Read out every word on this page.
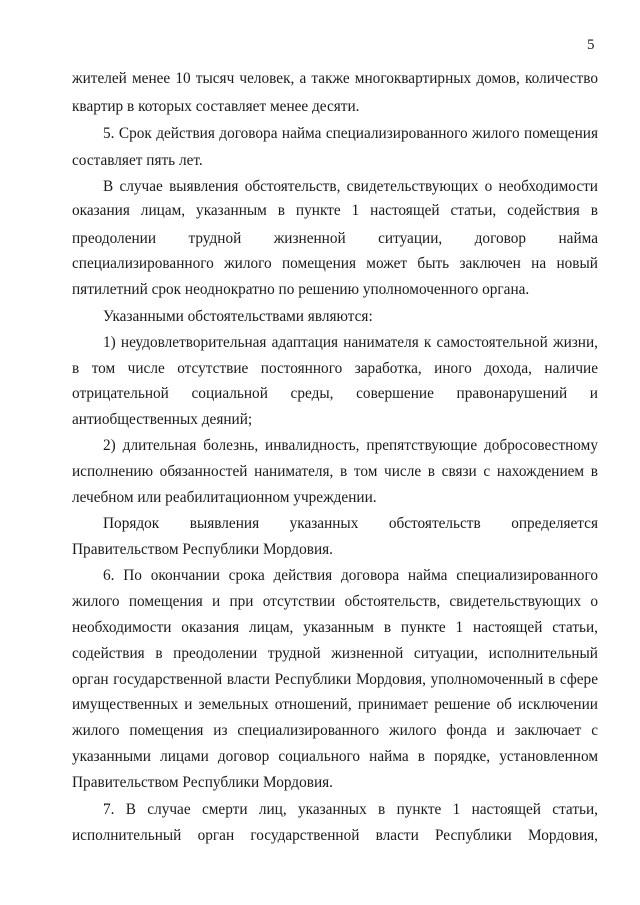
5
жителей менее 10 тысяч человек, а также многоквартирных домов, количество
квартир в которых составляет менее десяти.
5. Срок действия договора найма специализированного жилого помещения
составляет пять лет.
В случае выявления обстоятельств, свидетельствующих о необходимости
оказания лицам, указанным в пункте 1 настоящей статьи, содействия в
преодолении трудной жизненной ситуации, договор найма
специализированного жилого помещения может быть заключен на новый
пятилетний срок неоднократно по решению уполномоченного органа.
Указанными обстоятельствами являются:
1) неудовлетворительная адаптация нанимателя к самостоятельной жизни,
в том числе отсутствие постоянного заработка, иного дохода, наличие
отрицательной социальной среды, совершение правонарушений и
антиобщественных деяний;
2) длительная болезнь, инвалидность, препятствующие добросовестному
исполнению обязанностей нанимателя, в том числе в связи с нахождением в
лечебном или реабилитационном учреждении.
Порядок выявления указанных обстоятельств определяется
Правительством Республики Мордовия.
6. По окончании срока действия договора найма специализированного
жилого помещения и при отсутствии обстоятельств, свидетельствующих о
необходимости оказания лицам, указанным в пункте 1 настоящей статьи,
содействия в преодолении трудной жизненной ситуации, исполнительный
орган государственной власти Республики Мордовия, уполномоченный в сфере
имущественных и земельных отношений, принимает решение об исключении
жилого помещения из специализированного жилого фонда и заключает с
указанными лицами договор социального найма в порядке, установленном
Правительством Республики Мордовия.
7. В случае смерти лиц, указанных в пункте 1 настоящей статьи,
исполнительный орган государственной власти Республики Мордовия,
